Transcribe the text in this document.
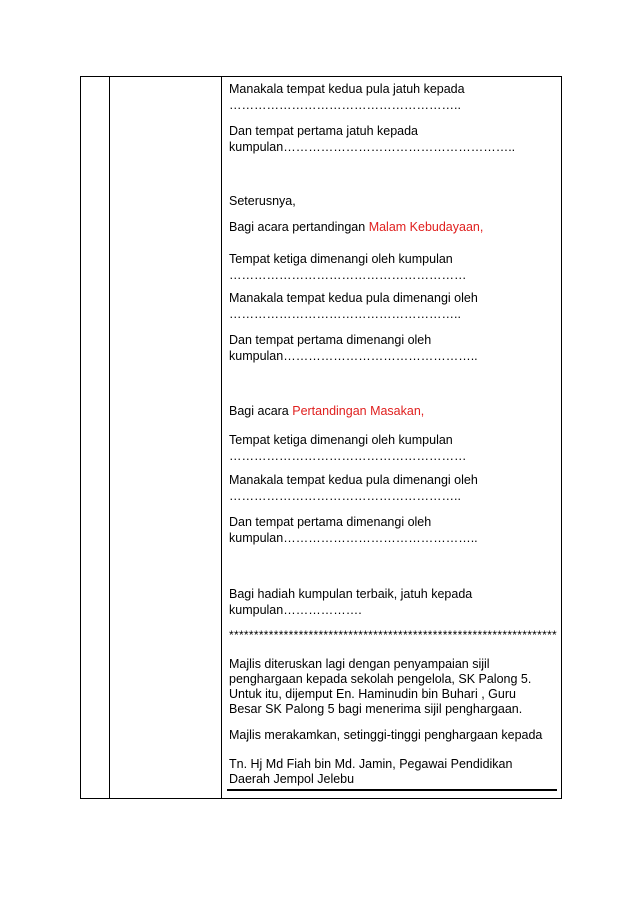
Manakala tempat kedua pula jatuh kepada
………………………………………………..
Dan tempat pertama jatuh kepada
kumpulan………………………………………………..
Seterusnya,
Bagi acara pertandingan Malam Kebudayaan,
Tempat ketiga dimenangi oleh kumpulan
…………………………………………………
Manakala tempat kedua pula dimenangi oleh
………………………………………………..
Dan tempat pertama dimenangi oleh
kumpulan………………………………………..
Bagi acara Pertandingan Masakan,
Tempat ketiga dimenangi oleh kumpulan
…………………………………………………
Manakala tempat kedua pula dimenangi oleh
………………………………………………..
Dan tempat pertama dimenangi oleh
kumpulan………………………………………..
Bagi hadiah kumpulan terbaik, jatuh kepada
kumpulan……………….
******************************************************************
Majlis diteruskan lagi dengan penyampaian sijil
penghargaan kepada sekolah pengelola, SK Palong 5.
Untuk itu, dijemput En. Haminudin bin Buhari , Guru
Besar SK Palong 5 bagi menerima sijil penghargaan.
Majlis merakamkan, setinggi-tinggi penghargaan kepada
Tn. Hj Md Fiah bin Md. Jamin, Pegawai Pendidikan
Daerah Jempol Jelebu
